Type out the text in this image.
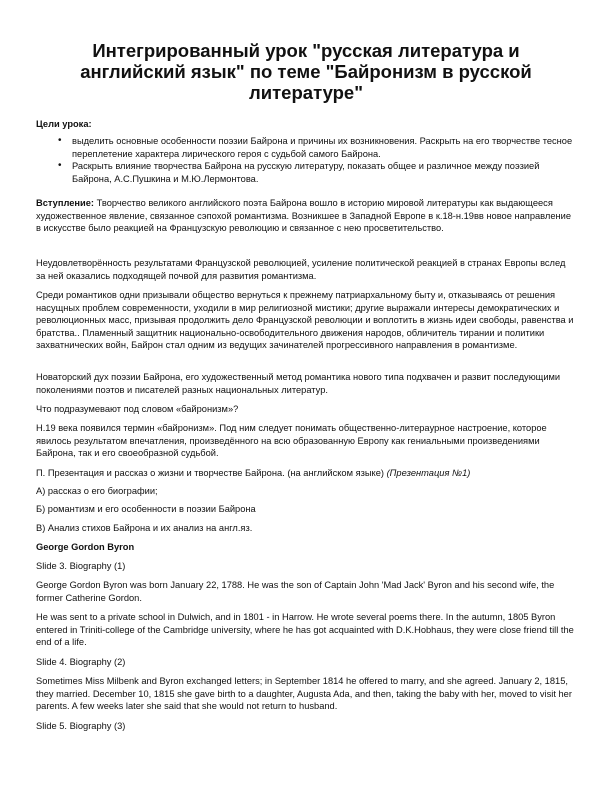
Интегрированный урок "русская литература и английский язык" по теме "Байронизм в русской литературе"
Цели урока:
• выделить основные особенности поэзии Байрона и причины их возникновения. Раскрыть на его творчестве тесное переплетение характера лирического героя с судьбой самого Байрона.
• Раскрыть влияние творчества Байрона на русскую литературу, показать общее и различное между поэзией Байрона, А.С.Пушкина и М.Ю.Лермонтова.
Вступление: Творчество великого английского поэта Байрона вошло в историю мировой литературы как выдающееся художественное явление, связанное сэпохой романтизма. Возникшее в Западной Европе в к.18-н.19вв новое направление в искусстве было реакцией на Французскую революцию и связанное с нею просветительство.
Неудовлетворённость результатами Французской революцией, усиление политической реакцией в странах Европы вслед за ней оказались подходящей почвой для развития романтизма.
Среди романтиков одни призывали общество вернуться к прежнему патриархальному быту и, отказываясь от решения насущных проблем современности, уходили в мир религиозной мистики; другие выражали интересы демократических и революционных масс, призывая продолжить дело Французской революции и воплотить в жизнь идеи свободы, равенства и братства.. Пламенный защитник национально-освободительного движения народов, обличитель тирании и политики захватнических войн, Байрон стал одним из ведущих зачинателей прогрессивного направления в романтизме.
Новаторский дух поэзии Байрона, его художественный метод романтика нового типа подхвачен и развит последующими поколениями поэтов и писателей разных национальных литератур.
Что подразумевают под словом «байронизм»?
Н.19 века появился термин «байронизм». Под ним следует понимать общественно-литерaурное настроение, которое явилось результатом впечатления, произведённого на всю образованную Европу как гениальными произведениями Байрона, так и его своеобразной судьбой.
П. Презентация и рассказ о жизни и творчестве Байрона. (на английском языке) (Презентация №1)
А) рассказ о его биографии;
Б) романтизм и его особенности в поэзии Байрона
В) Анализ стихов Байрона и их анализ на англ.яз.
George Gordon Byron
Slide 3. Biography (1)
George Gordon Byron was born January 22, 1788. He was the son of Captain John 'Mad Jack' Byron and his second wife, the former Catherine Gordon.
He was sent to a private school in Dulwich, and in 1801 - in Harrow. He wrote several poems there. In the autumn, 1805 Byron entered in Triniti-college of the Cambridge university, where he has got acquainted with D.K.Hobhaus, they were close friend till the end of a life.
Slide 4. Biography (2)
Sometimes Miss Milbenk and Byron exchanged letters; in September 1814 he offered to marry, and she agreed. January 2, 1815, they married. December 10, 1815 she gave birth to a daughter, Augusta Ada, and then, taking the baby with her, moved to visit her parents. A few weeks later she said that she would not return to husband.
Slide 5. Biography (3)
